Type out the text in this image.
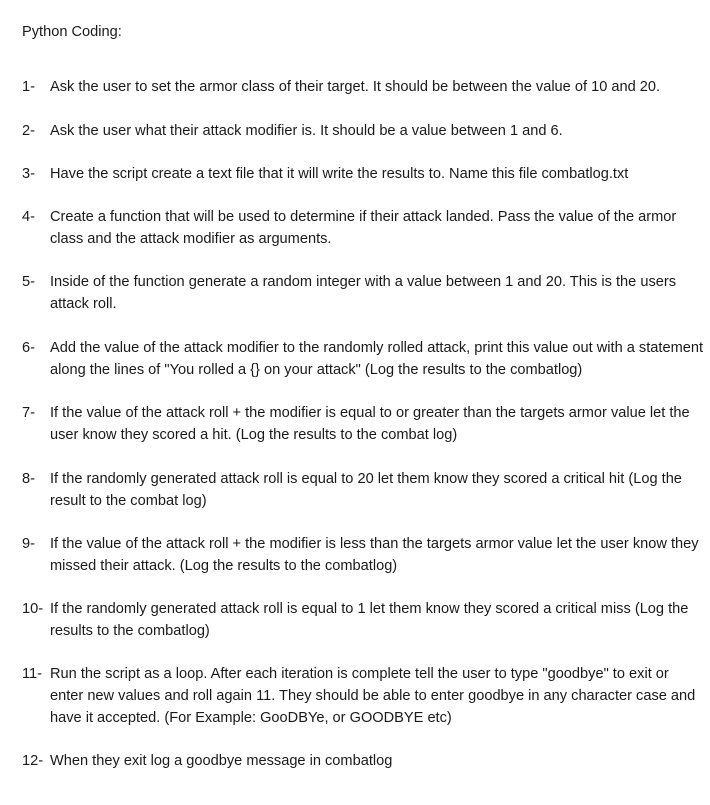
Python Coding:
1- Ask the user to set the armor class of their target. It should be between the value of 10 and 20.
2- Ask the user what their attack modifier is. It should be a value between 1 and 6.
3- Have the script create a text file that it will write the results to. Name this file combatlog.txt
4- Create a function that will be used to determine if their attack landed. Pass the value of the armor class and the attack modifier as arguments.
5- Inside of the function generate a random integer with a value between 1 and 20. This is the users attack roll.
6- Add the value of the attack modifier to the randomly rolled attack, print this value out with a statement along the lines of "You rolled a {} on your attack" (Log the results to the combatlog)
7- If the value of the attack roll + the modifier is equal to or greater than the targets armor value let the user know they scored a hit. (Log the results to the combat log)
8- If the randomly generated attack roll is equal to 20 let them know they scored a critical hit (Log the result to the combat log)
9- If the value of the attack roll + the modifier is less than the targets armor value let the user know they missed their attack. (Log the results to the combatlog)
10- If the randomly generated attack roll is equal to 1 let them know they scored a critical miss (Log the results to the combatlog)
11- Run the script as a loop. After each iteration is complete tell the user to type "goodbye" to exit or enter new values and roll again 11. They should be able to enter goodbye in any character case and have it accepted. (For Example: GooDBYe, or GOODBYE etc)
12- When they exit log a goodbye message in combatlog
